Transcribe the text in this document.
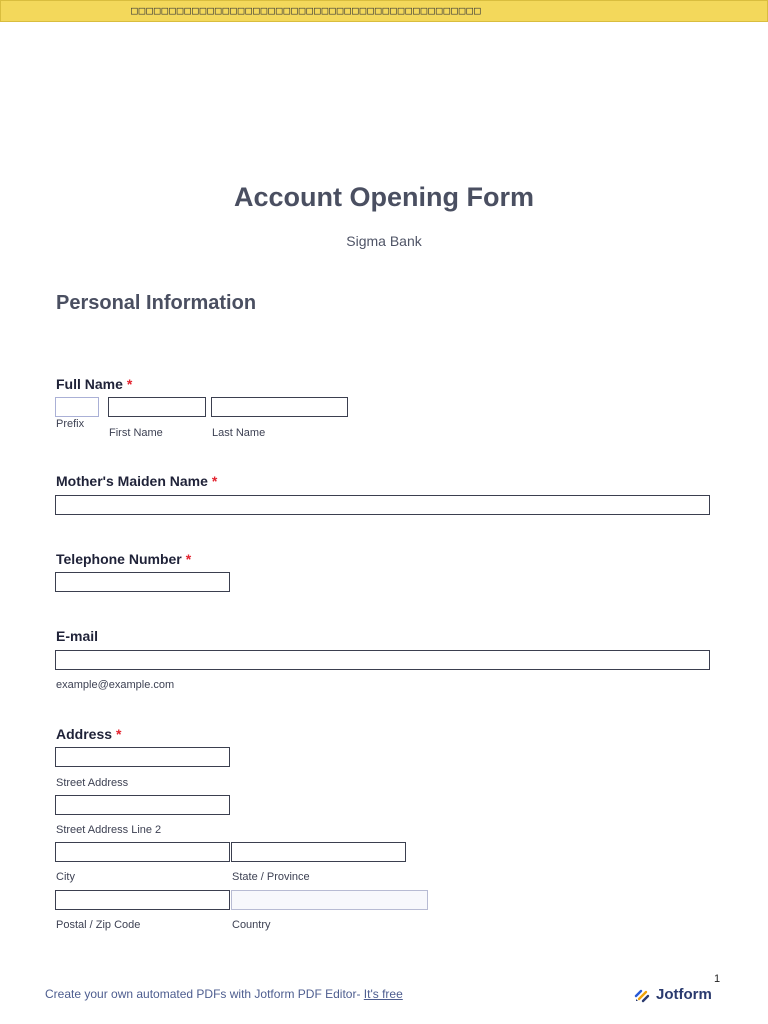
□□□□□□□□□□□□□□□□□□□□□□□□□□□□□□□□□□□□□□□□□□□□□□
Account Opening Form
Sigma Bank
Personal Information
Full Name *
Prefix
First Name	Last Name
Mother's Maiden Name *
Telephone Number *
E-mail
example@example.com
Address *
Street Address
Street Address Line 2
City	State / Province
Postal / Zip Code	Country
1
Create your own automated PDFs with Jotform PDF Editor- It's free	Jotform
